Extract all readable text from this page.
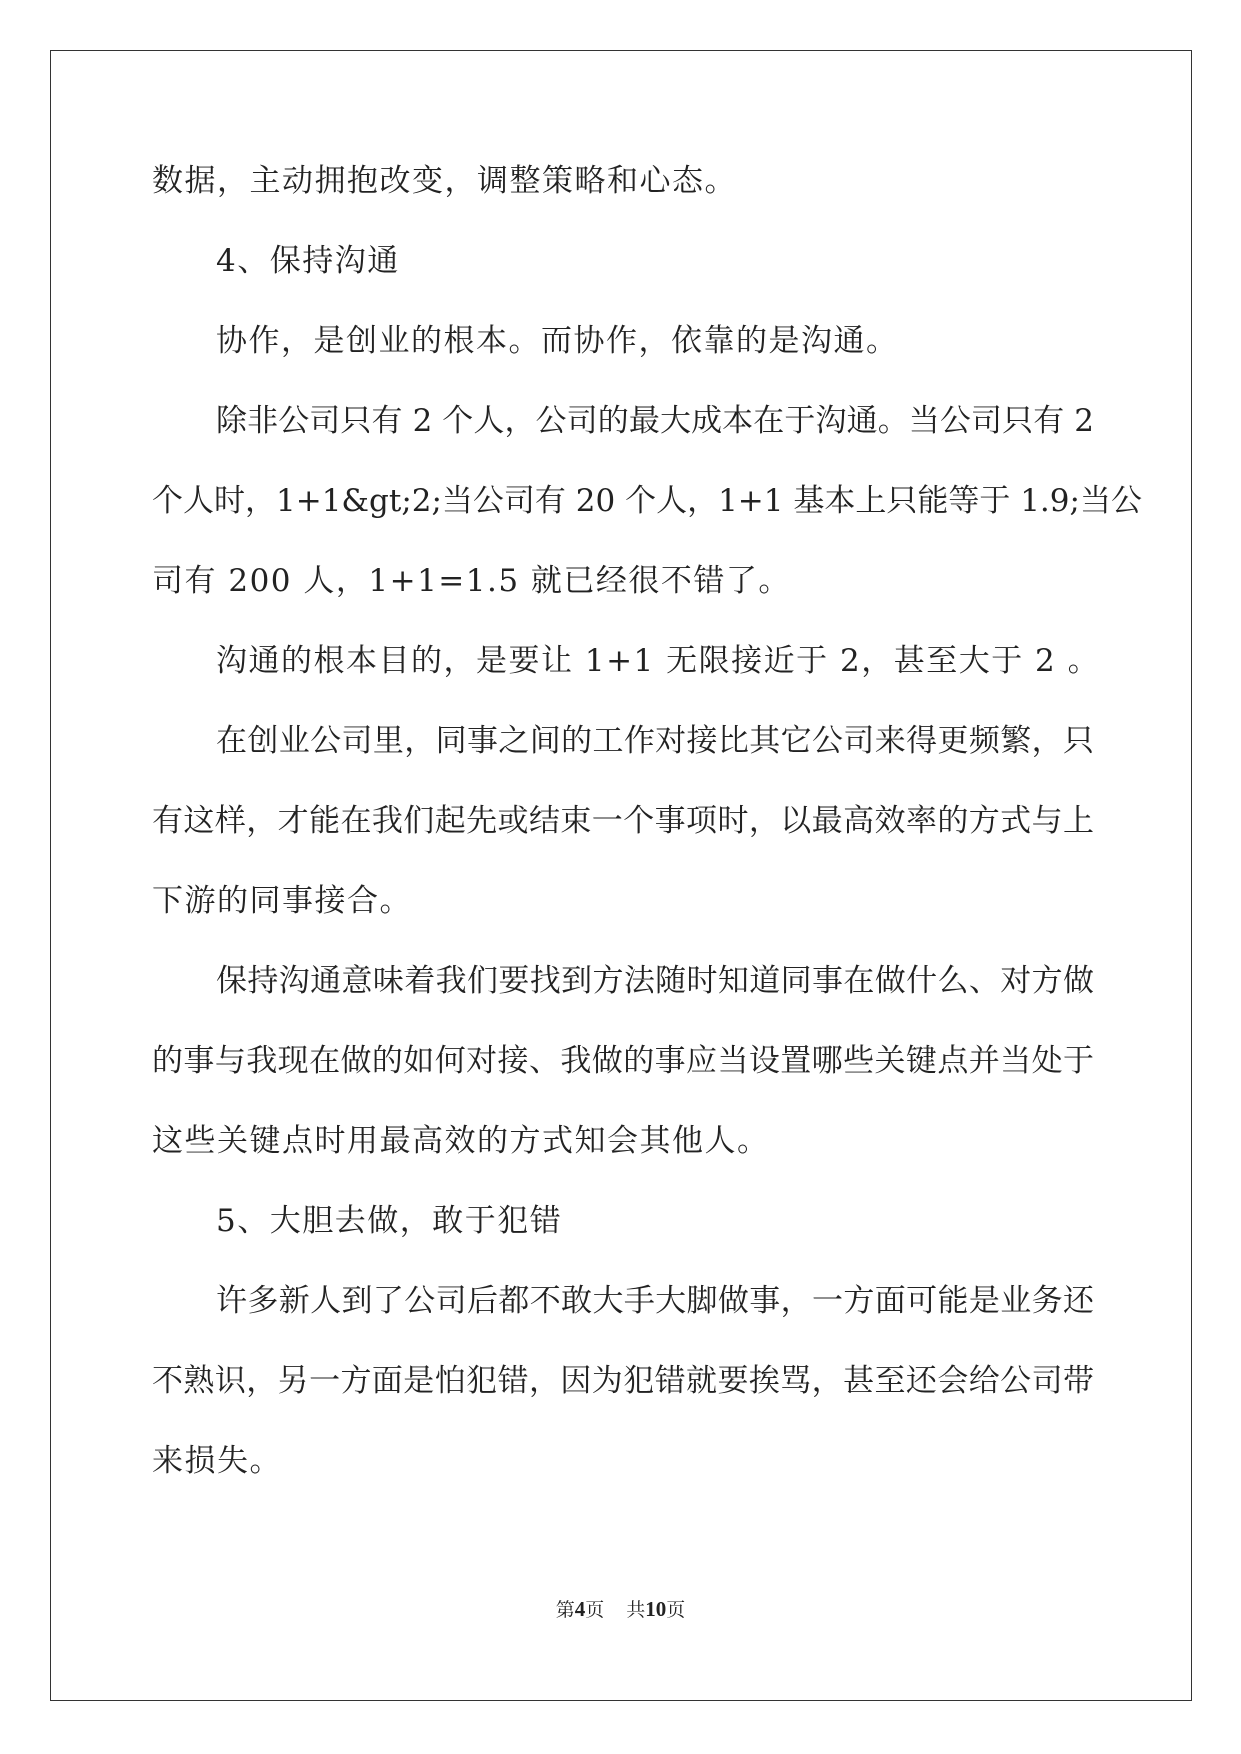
数据，主动拥抱改变，调整策略和心态。

4、保持沟通

协作，是创业的根本。而协作，依靠的是沟通。

除非公司只有 2 个人，公司的最大成本在于沟通。当公司只有 2

个人时，1+1&gt;2;当公司有 20 个人，1+1 基本上只能等于 1.9;当公

司有 200 人，1+1=1.5 就已经很不错了。

沟通的根本目的，是要让 1+1 无限接近于 2，甚至大于 2 。

在创业公司里，同事之间的工作对接比其它公司来得更频繁，只

有这样，才能在我们起先或结束一个事项时，以最高效率的方式与上

下游的同事接合。

保持沟通意味着我们要找到方法随时知道同事在做什么、对方做

的事与我现在做的如何对接、我做的事应当设置哪些关键点并当处于

这些关键点时用最高效的方式知会其他人。

5、大胆去做，敢于犯错

许多新人到了公司后都不敢大手大脚做事，一方面可能是业务还

不熟识，另一方面是怕犯错，因为犯错就要挨骂，甚至还会给公司带

来损失。

第4页 共10页
